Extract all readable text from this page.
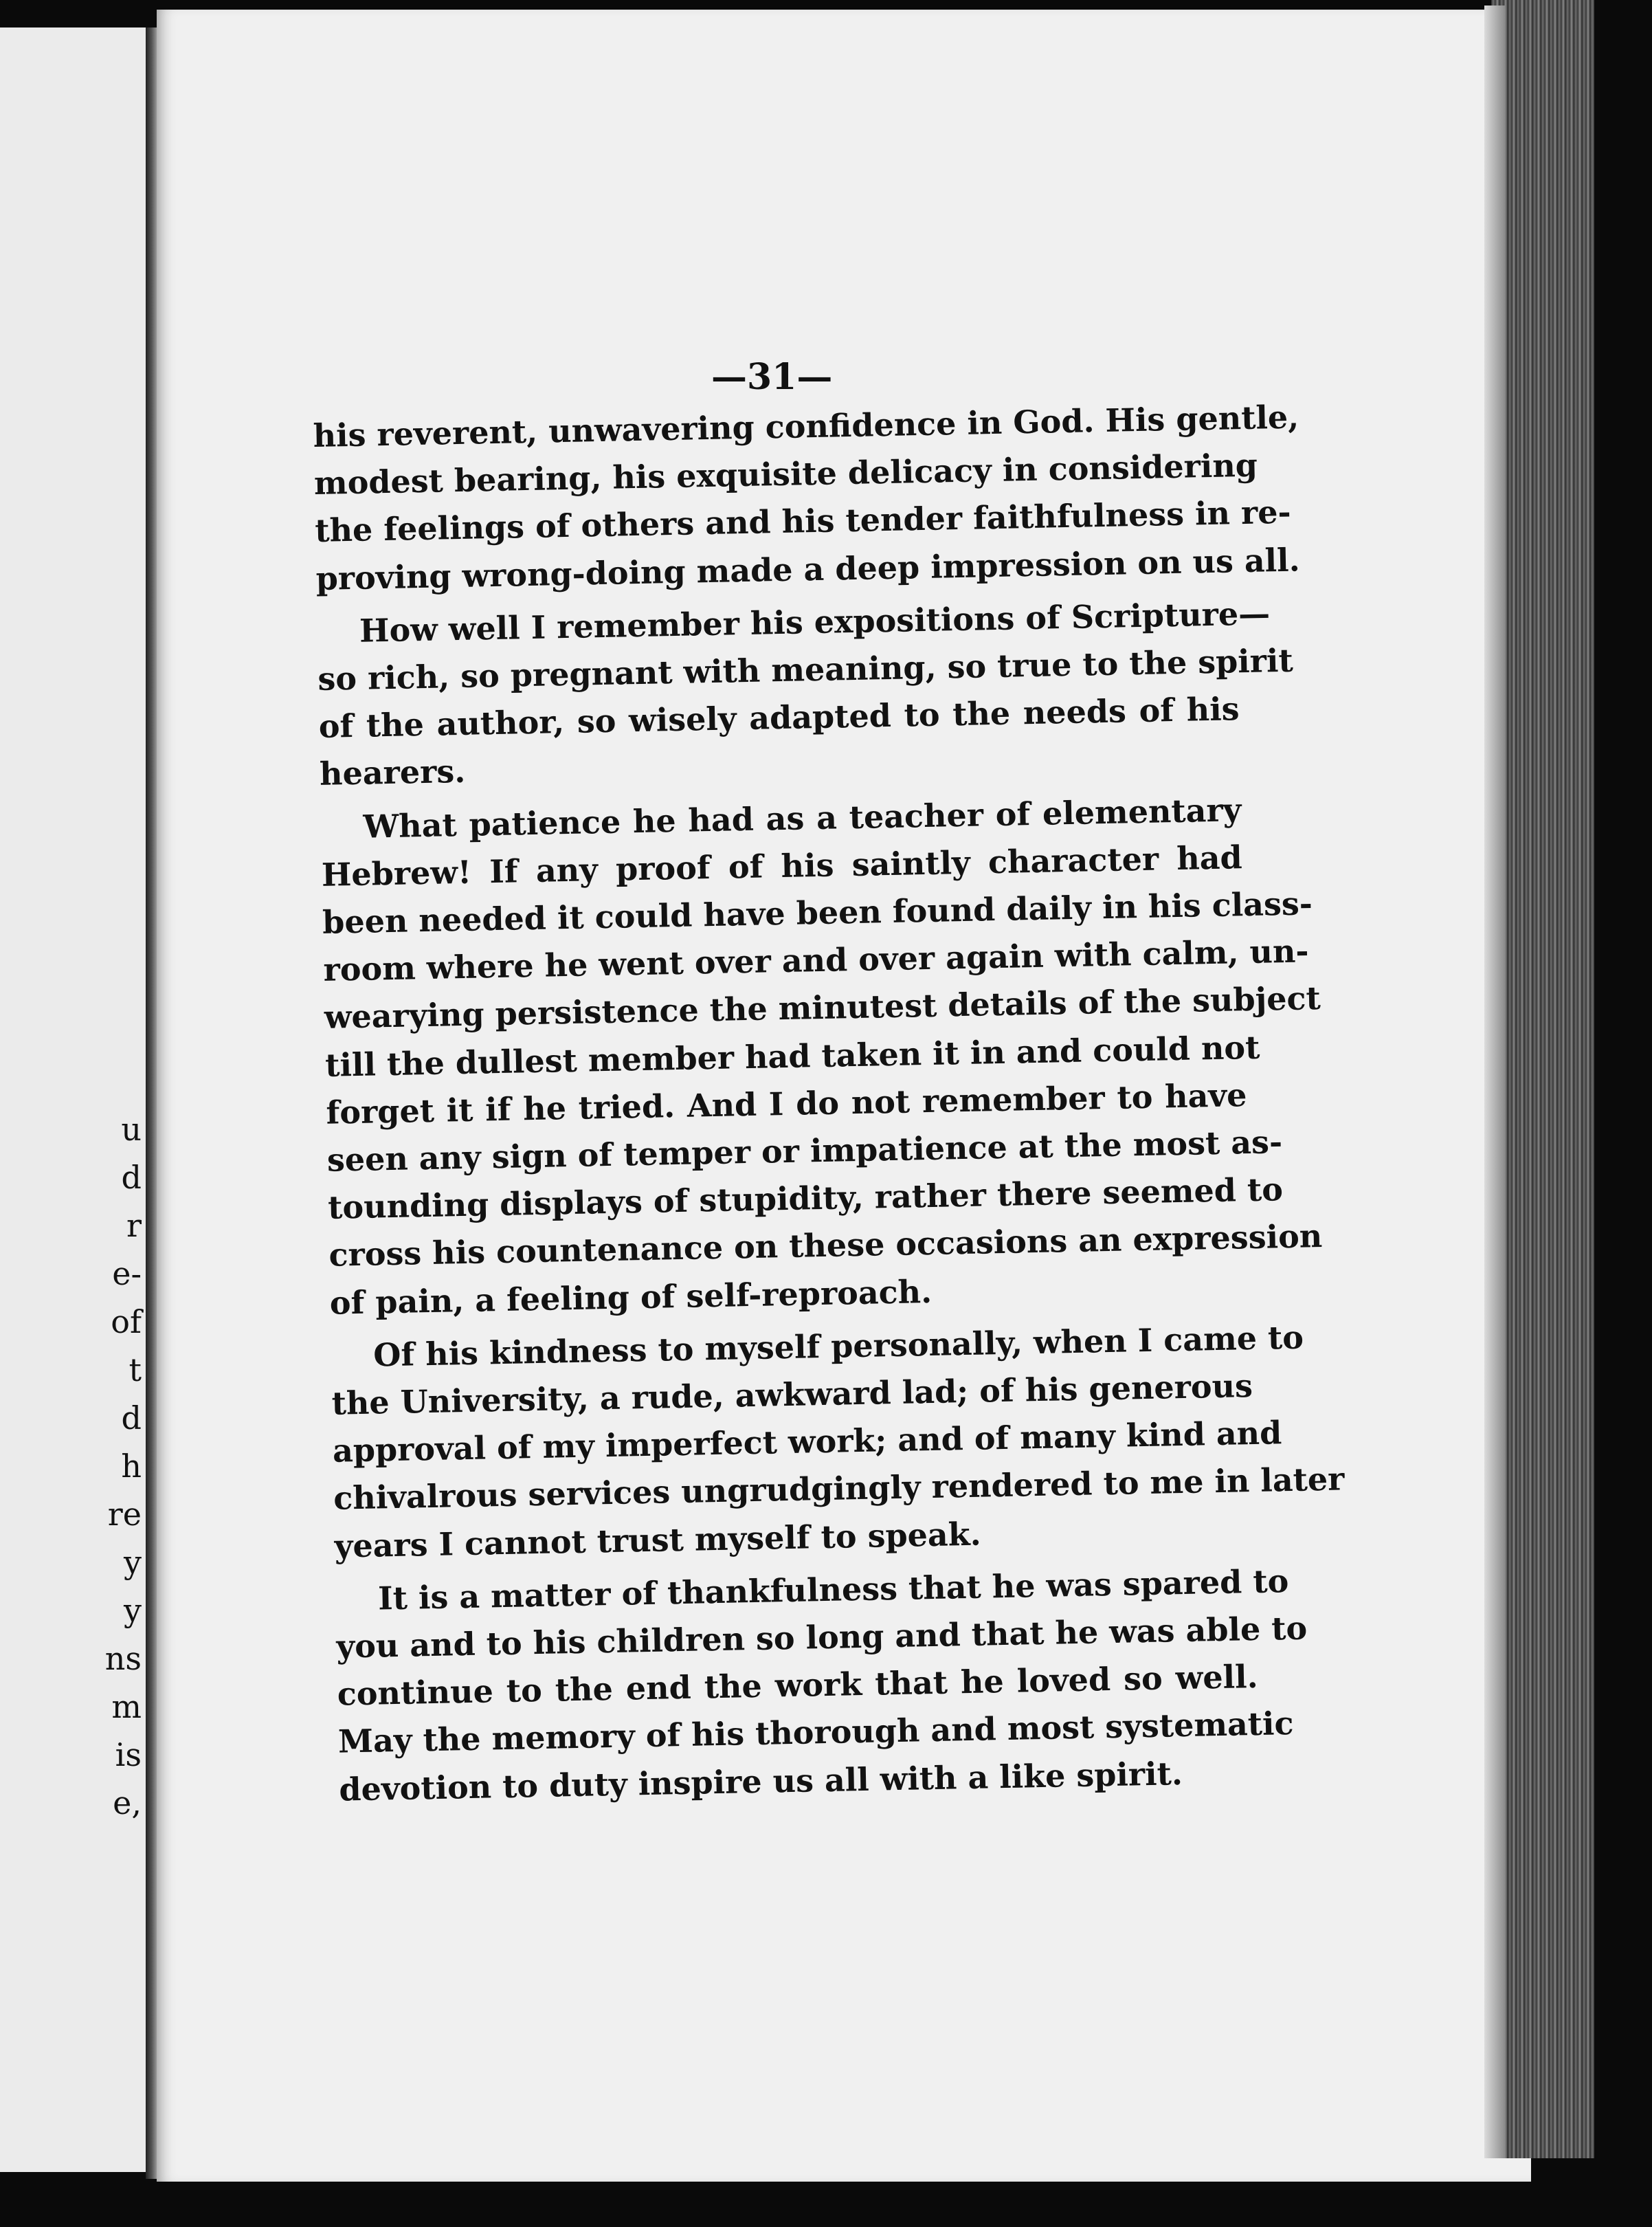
u
d
r
e-
of
t
d
h
re
y
y
ns
m
is
e,
—31—

his reverent, unwavering confidence in God. His gentle,
modest bearing, his exquisite delicacy in considering
the feelings of others and his tender faithfulness in re-
proving wrong-doing made a deep impression on us all.

How well I remember his expositions of Scripture—
so rich, so pregnant with meaning, so true to the spirit
of the author, so wisely adapted to the needs of his
hearers.

What patience he had as a teacher of elementary
Hebrew! If any proof of his saintly character had
been needed it could have been found daily in his class-
room where he went over and over again with calm, un-
wearying persistence the minutest details of the subject
till the dullest member had taken it in and could not
forget it if he tried. And I do not remember to have
seen any sign of temper or impatience at the most as-
tounding displays of stupidity, rather there seemed to
cross his countenance on these occasions an expression
of pain, a feeling of self-reproach.

Of his kindness to myself personally, when I came to
the University, a rude, awkward lad; of his generous
approval of my imperfect work; and of many kind and
chivalrous services ungrudgingly rendered to me in later
years I cannot trust myself to speak.

It is a matter of thankfulness that he was spared to
you and to his children so long and that he was able to
continue to the end the work that he loved so well.
May the memory of his thorough and most systematic
devotion to duty inspire us all with a like spirit.
